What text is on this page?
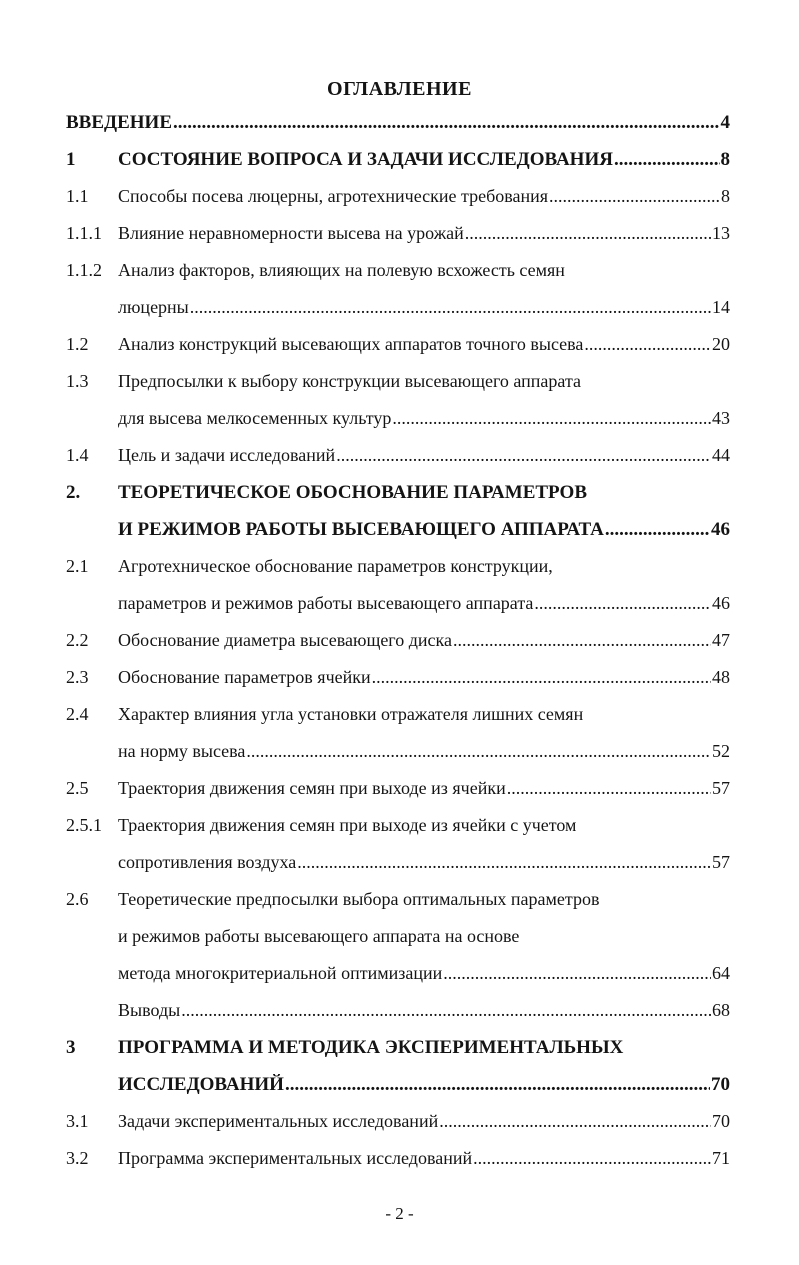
ОГЛАВЛЕНИЕ
ВВЕДЕНИЕ .....	4
1	СОСТОЯНИЕ ВОПРОСА И ЗАДАЧИ ИССЛЕДОВАНИЯ .....	8
1.1	Способы посева люцерны, агротехнические требования .....	8
1.1.1 Влияние неравномерности высева на урожай .....	13
1.1.2 Анализ факторов, влияющих на полевую всхожесть семян
люцерны .....	14
1.2	Анализ конструкций высевающих аппаратов точного высева .....	20
1.3	Предпосылки к выбору конструкции высевающего аппарата
для высева мелкосеменных культур .....	43
1.4	Цель и задачи исследований .....	44
2.	ТЕОРЕТИЧЕСКОЕ ОБОСНОВАНИЕ ПАРАМЕТРОВ
И РЕЖИМОВ РАБОТЫ ВЫСЕВАЮЩЕГО АППАРАТА .....	46
2.1	Агротехническое обоснование параметров конструкции,
параметров и режимов работы высевающего аппарата .....	46
2.2	Обоснование диаметра высевающего диска .....	47
2.3	Обоснование параметров ячейки .....	48
2.4	Характер влияния угла установки отражателя лишних семян
на норму высева .....	52
2.5	Траектория движения семян при выходе из ячейки .....	57
2.5.1 Траектория движения семян при выходе из ячейки с учетом
сопротивления воздуха .....	57
2.6	Теоретические предпосылки выбора оптимальных параметров
и режимов работы высевающего аппарата на основе
метода многокритериальной оптимизации .....	64
Выводы .....	68
3	ПРОГРАММА И МЕТОДИКА ЭКСПЕРИМЕНТАЛЬНЫХ
ИССЛЕДОВАНИЙ .....	70
3.1	Задачи экспериментальных исследований .....	70
3.2	Программа экспериментальных исследований .....	71
- 2 -
